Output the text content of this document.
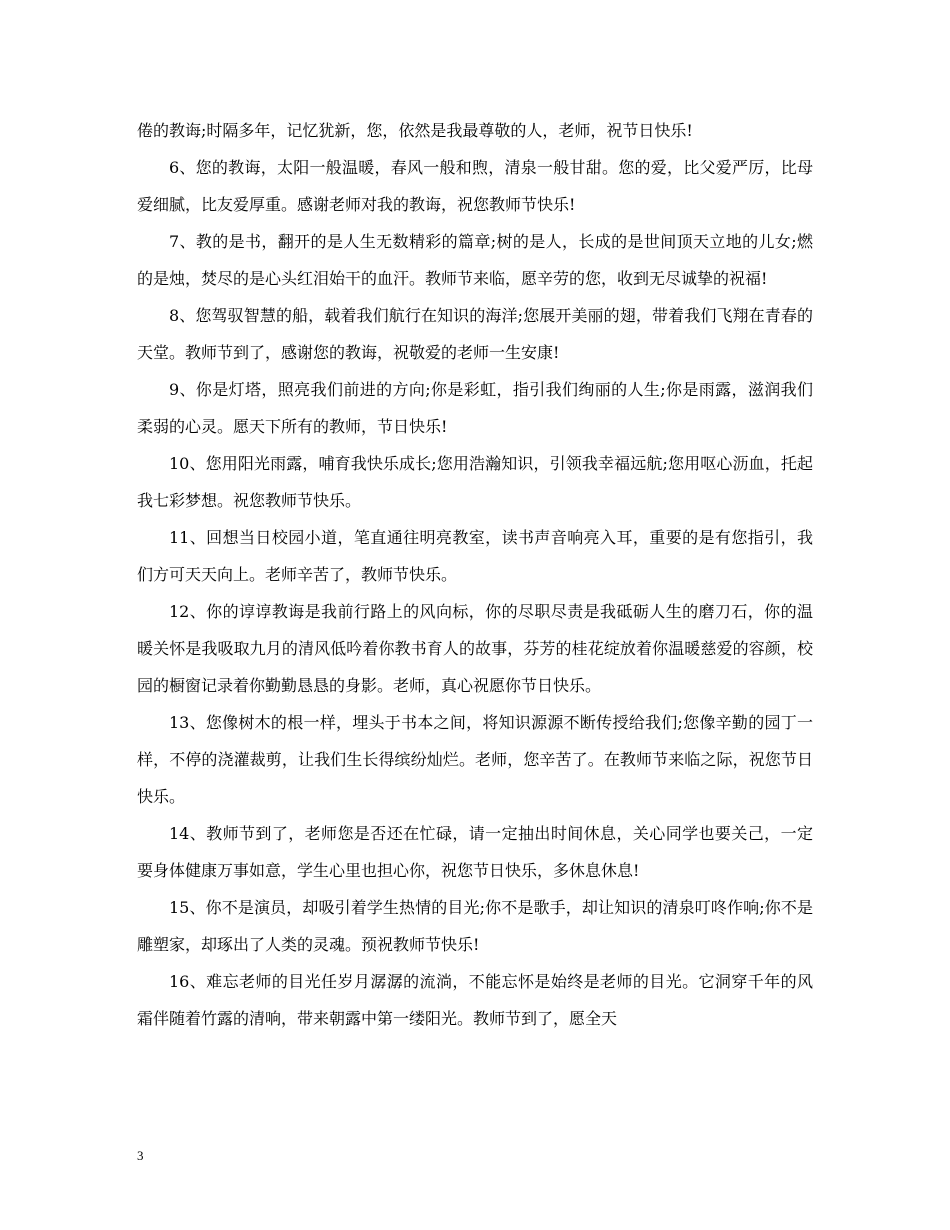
倦的教诲;时隔多年，记忆犹新，您，依然是我最尊敬的人，老师，祝节日快乐!

6、您的教诲，太阳一般温暖，春风一般和煦，清泉一般甘甜。您的爱，比父爱严厉，比母爱细腻，比友爱厚重。感谢老师对我的教诲，祝您教师节快乐!

7、教的是书，翻开的是人生无数精彩的篇章;树的是人，长成的是世间顶天立地的儿女;燃的是烛，焚尽的是心头红泪始干的血汗。教师节来临，愿辛劳的您，收到无尽诚挚的祝福!

8、您驾驭智慧的船，载着我们航行在知识的海洋;您展开美丽的翅，带着我们飞翔在青春的天堂。教师节到了，感谢您的教诲，祝敬爱的老师一生安康!

9、你是灯塔，照亮我们前进的方向;你是彩虹，指引我们绚丽的人生;你是雨露，滋润我们柔弱的心灵。愿天下所有的教师，节日快乐!

10、您用阳光雨露，哺育我快乐成长;您用浩瀚知识，引领我幸福远航;您用呕心沥血，托起我七彩梦想。祝您教师节快乐。

11、回想当日校园小道，笔直通往明亮教室，读书声音响亮入耳，重要的是有您指引，我们方可天天向上。老师辛苦了，教师节快乐。

12、你的谆谆教诲是我前行路上的风向标，你的尽职尽责是我砥砺人生的磨刀石，你的温暖关怀是我吸取九月的清风低吟着你教书育人的故事，芬芳的桂花绽放着你温暖慈爱的容颜，校园的橱窗记录着你勤勤恳恳的身影。老师，真心祝愿你节日快乐。

13、您像树木的根一样，埋头于书本之间，将知识源源不断传授给我们;您像辛勤的园丁一样，不停的浇灌裁剪，让我们生长得缤纷灿烂。老师，您辛苦了。在教师节来临之际，祝您节日快乐。

14、教师节到了，老师您是否还在忙碌，请一定抽出时间休息，关心同学也要关己，一定要身体健康万事如意，学生心里也担心你，祝您节日快乐，多休息休息!

15、你不是演员，却吸引着学生热情的目光;你不是歌手，却让知识的清泉叮咚作响;你不是雕塑家，却琢出了人类的灵魂。预祝教师节快乐!

16、难忘老师的目光任岁月潺潺的流淌，不能忘怀是始终是老师的目光。它洞穿千年的风霜伴随着竹露的清响，带来朝露中第一缕阳光。教师节到了，愿全天

3
